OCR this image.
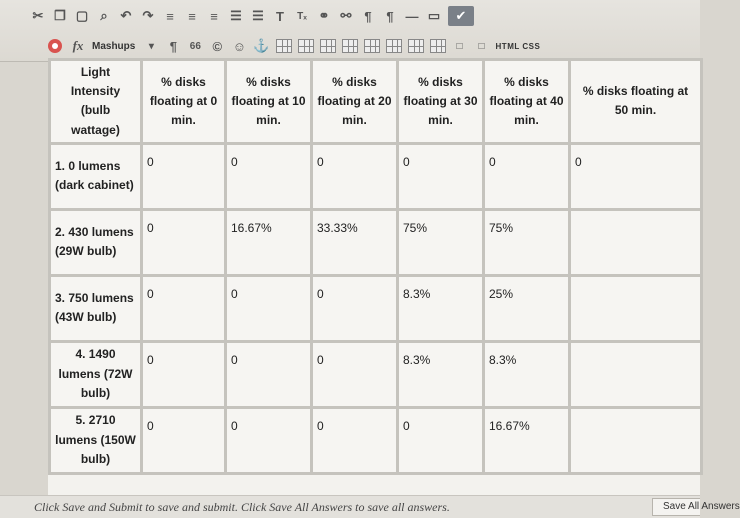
✂ ❐ ▢ ⌕ ↶ ↷ ≡	≡	≡ ☰ ☰ T	Tₓ ⚭ ⚯ ¶	¶ — ▭	✔
fx Mashups	▾	¶	66 © ☺ ⚓	□	□	HTML CSS
Light Intensity (bulb wattage)	% disks floating at 0 min.	% disks floating at 10 min.	% disks floating at 20 min.	% disks floating at 30 min.	% disks floating at 40 min.	% disks floating at 50 min.
1. 0 lumens (dark cabinet)	0	0	0	0	0	0
2. 430 lumens (29W bulb)	0	16.67%	33.33%	75%	75%	
3. 750 lumens (43W bulb)	0	0	0	8.3%	25%	
4. 1490 lumens (72W bulb)	0	0	0	8.3%	8.3%	
5. 2710 lumens (150W bulb)	0	0	0	0	16.67%	
Click Save and Submit to save and submit. Click Save All Answers to save all answers.	Save All Answers
